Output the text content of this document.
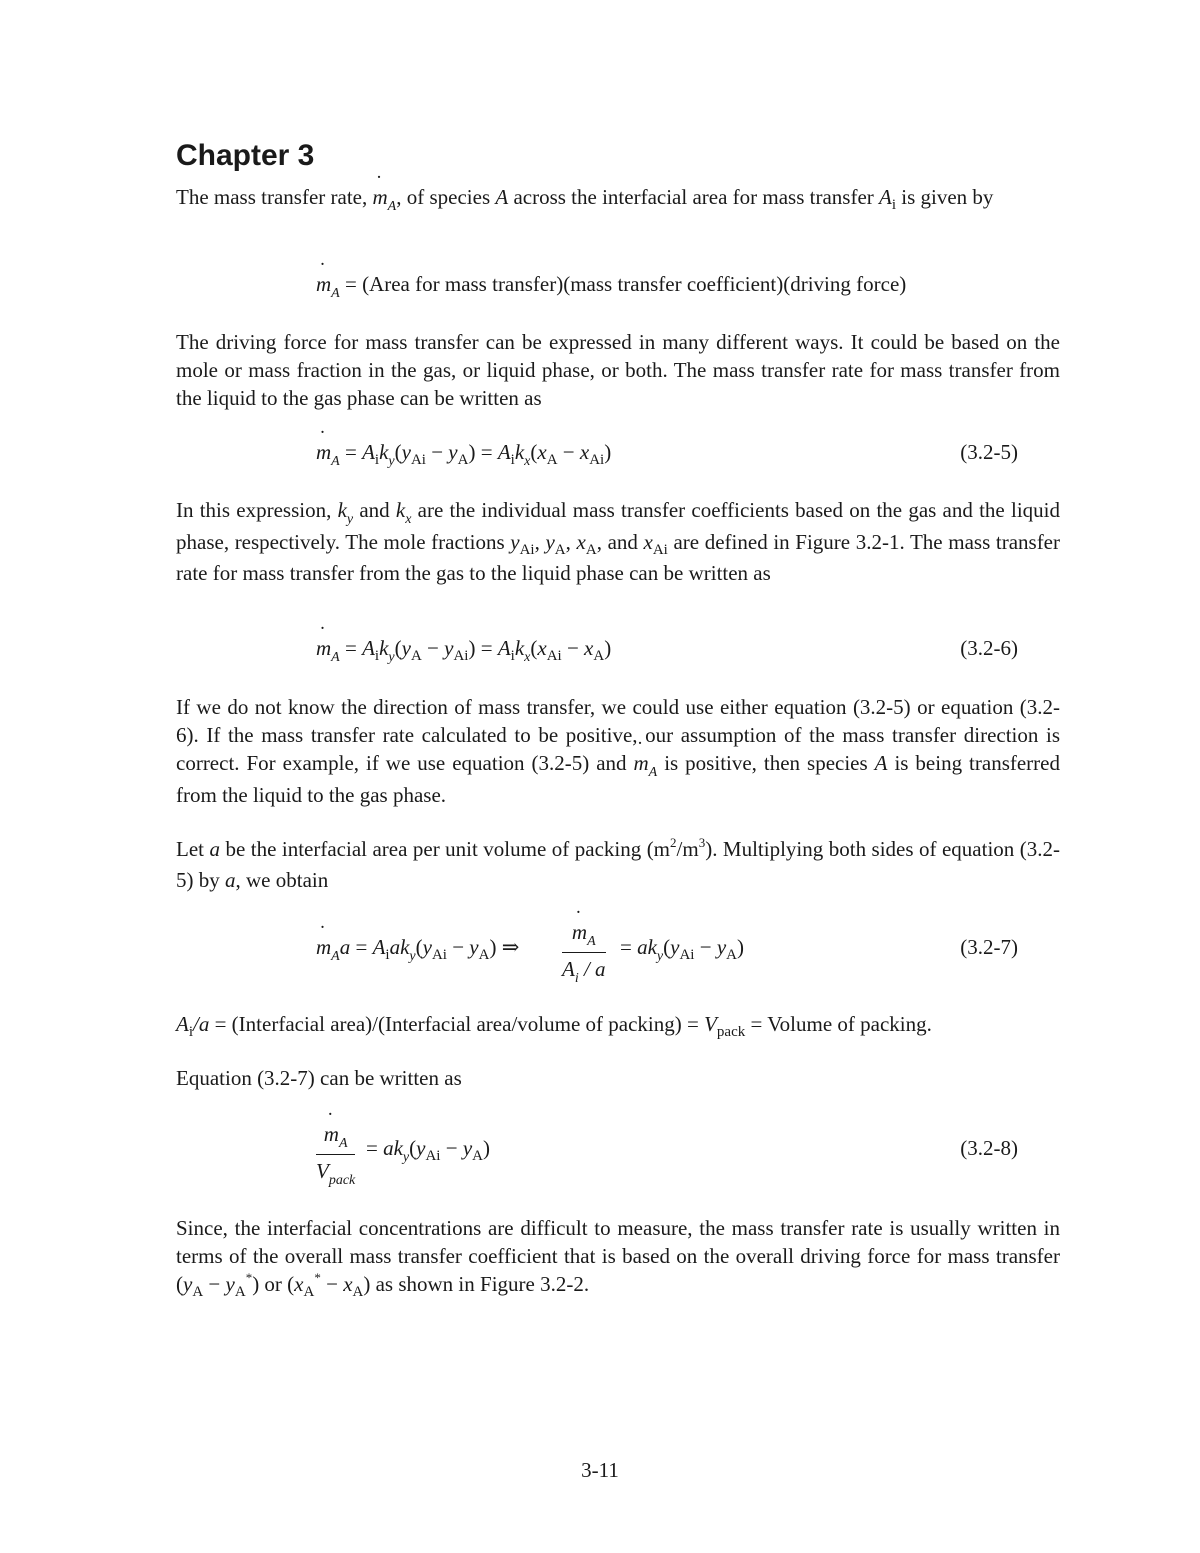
Chapter 3

The mass transfer rate, ˙ $m_A$, of species A across the interfacial area for mass transfer $A_i$ is given by

˙ $m_A$ = (Area for mass transfer)(mass transfer coefficient)(driving force)

The driving force for mass transfer can be expressed in many different ways. It could be based on the mole or mass fraction in the gas, or liquid phase, or both. The mass transfer rate for mass transfer from the liquid to the gas phase can be written as

˙ $m_A = A_ik_y(y_{Ai} - y_A) = A_ik_x(x_A - x_{Ai})$	(3.2-5)

In this expression, $k_y$ and $k_x$ are the individual mass transfer coefficients based on the gas and the liquid phase, respectively. The mole fractions $y_{Ai}$, $y_A$, $x_A$, and $x_{Ai}$ are defined in Figure 3.2-1. The mass transfer rate for mass transfer from the gas to the liquid phase can be written as

˙ $m_A = A_ik_y(y_A - y_{Ai}) = A_ik_x(x_{Ai} - x_A)$	(3.2-6)

If we do not know the direction of mass transfer, we could use either equation (3.2-5) or equation (3.2-6). If the mass transfer rate calculated to be positive, our assumption of the mass transfer direction is correct. For example, if we use equation (3.2-5) and ˙ $m_A$ is positive, then species A is being transferred from the liquid to the gas phase.

Let a be the interfacial area per unit volume of packing $(m^2/m^3)$. Multiplying both sides of equation (3.2-5) by a, we obtain

˙ $m_Aa = A_iak_y(y_{Ai} - y_A)$ ⇒

˙ $\frac{m_A}{A_i / a} = ak_y(y_{Ai} - y_A)$	(3.2-7)

$A_i/a$ = (Interfacial area)/(Interfacial area/volume of packing) = $V_{pack}$ = Volume of packing.

Equation (3.2-7) can be written as

˙ $m_A$
$V_{pack}$

= $ak_y(y_{Ai} - y_A)$	(3.2-8)

Since, the interfacial concentrations are difficult to measure, the mass transfer rate is usually written in terms of the overall mass transfer coefficient that is based on the overall driving force for mass transfer $(y_A - y_A^*)$ or $(x_A^* - x_A)$ as shown in Figure 3.2-2.

3-11
